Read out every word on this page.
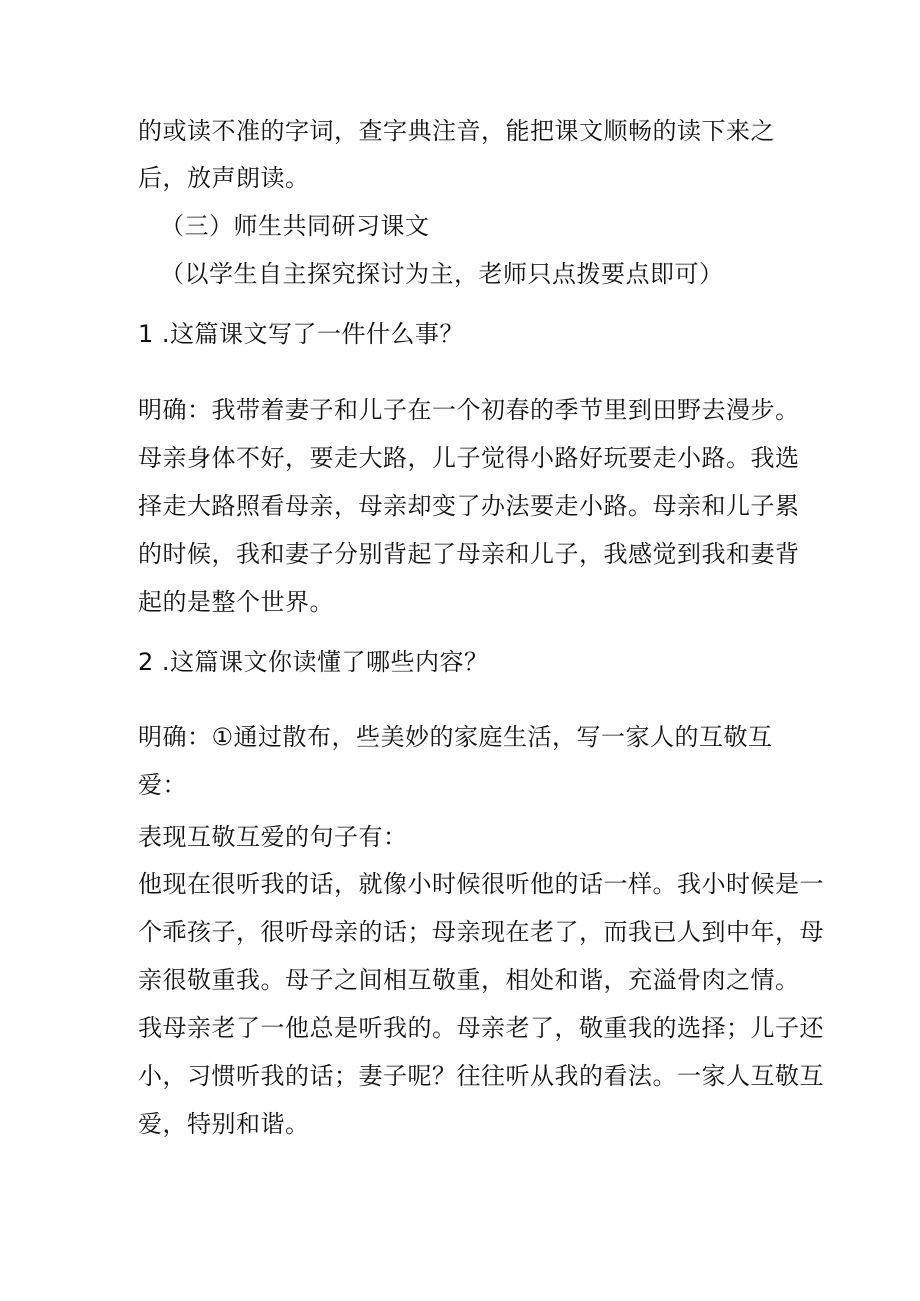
的或读不准的字词，查字典注音，能把课文顺畅的读下来之
后，放声朗读。
（三）师生共同研习课文
（以学生自主探究探讨为主，老师只点拨要点即可）
1 .这篇课文写了一件什么事？
明确：我带着妻子和儿子在一个初春的季节里到田野去漫步。
母亲身体不好，要走大路，儿子觉得小路好玩要走小路。我选
择走大路照看母亲，母亲却变了办法要走小路。母亲和儿子累
的时候，我和妻子分别背起了母亲和儿子，我感觉到我和妻背
起的是整个世界。
2 .这篇课文你读懂了哪些内容？
明确：①通过散布，些美妙的家庭生活，写一家人的互敬互
爱：
表现互敬互爱的句子有：
他现在很听我的话，就像小时候很听他的话一样。我小时候是一
个乖孩子，很听母亲的话；母亲现在老了，而我已人到中年，母
亲很敬重我。母子之间相互敬重，相处和谐，充溢骨肉之情。
我母亲老了一他总是听我的。母亲老了，敬重我的选择；儿子还
小，习惯听我的话；妻子呢？往往听从我的看法。一家人互敬互
爱，特别和谐。
